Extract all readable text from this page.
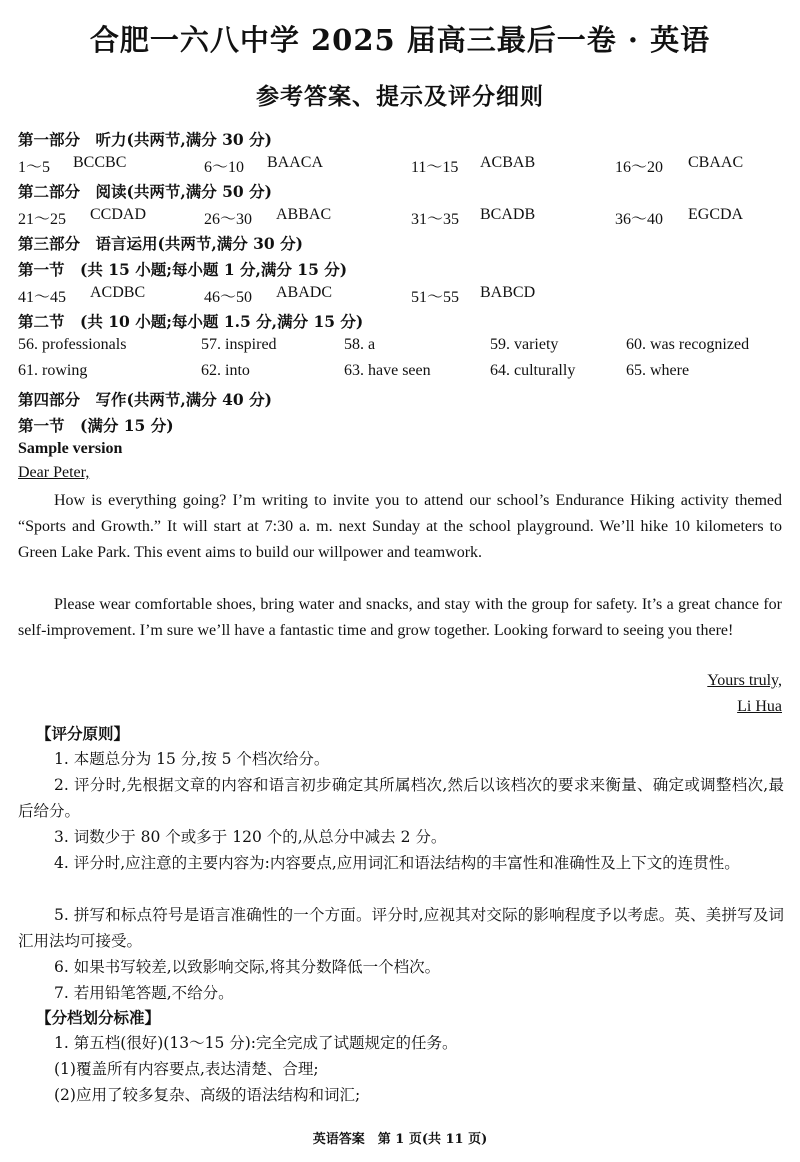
合肥一六八中学 2025 届高三最后一卷 · 英语
参考答案、提示及评分细则
第一部分　听力(共两节,满分 30 分)
1～5 BCCBC	6～10 BAACA	11～15 ACBAB	16～20 CBAAC
第二部分　阅读(共两节,满分 50 分)
21～25 CCDAD	26～30 ABBAC	31～35 BCADB	36～40 EGCDA
第三部分　语言运用(共两节,满分 30 分)
第一节　(共 15 小题;每小题 1 分,满分 15 分)
41～45 ACDBC	46～50 ABADC	51～55 BABCD
第二节　(共 10 小题;每小题 1.5 分,满分 15 分)
56. professionals	57. inspired	58. a	59. variety	60. was recognized
61. rowing	62. into	63. have seen	64. culturally	65. where
第四部分　写作(共两节,满分 40 分)
第一节　(满分 15 分)
Sample version
Dear Peter,
How is everything going? I’m writing to invite you to attend our school’s Endurance Hiking activity themed “Sports and Growth.” It will start at 7:30 a. m. next Sunday at the school playground. We’ll hike 10 kilometers to Green Lake Park. This event aims to build our willpower and teamwork.
Please wear comfortable shoes, bring water and snacks, and stay with the group for safety. It’s a great chance for self-improvement. I’m sure we’ll have a fantastic time and grow together. Looking forward to seeing you there!
Yours truly,
Li Hua
【评分原则】
1. 本题总分为 15 分,按 5 个档次给分。
2. 评分时,先根据文章的内容和语言初步确定其所属档次,然后以该档次的要求来衡量、确定或调整档次,最后给分。
3. 词数少于 80 个或多于 120 个的,从总分中减去 2 分。
4. 评分时,应注意的主要内容为:内容要点,应用词汇和语法结构的丰富性和准确性及上下文的连贯性。
5. 拼写和标点符号是语言准确性的一个方面。评分时,应视其对交际的影响程度予以考虑。英、美拼写及词汇用法均可接受。
6. 如果书写较差,以致影响交际,将其分数降低一个档次。
7. 若用铅笔答题,不给分。
【分档划分标准】
1. 第五档(很好)(13～15 分):完全完成了试题规定的任务。
(1)覆盖所有内容要点,表达清楚、合理;
(2)应用了较多复杂、高级的语法结构和词汇;
英语答案　第 1 页(共 11 页)
